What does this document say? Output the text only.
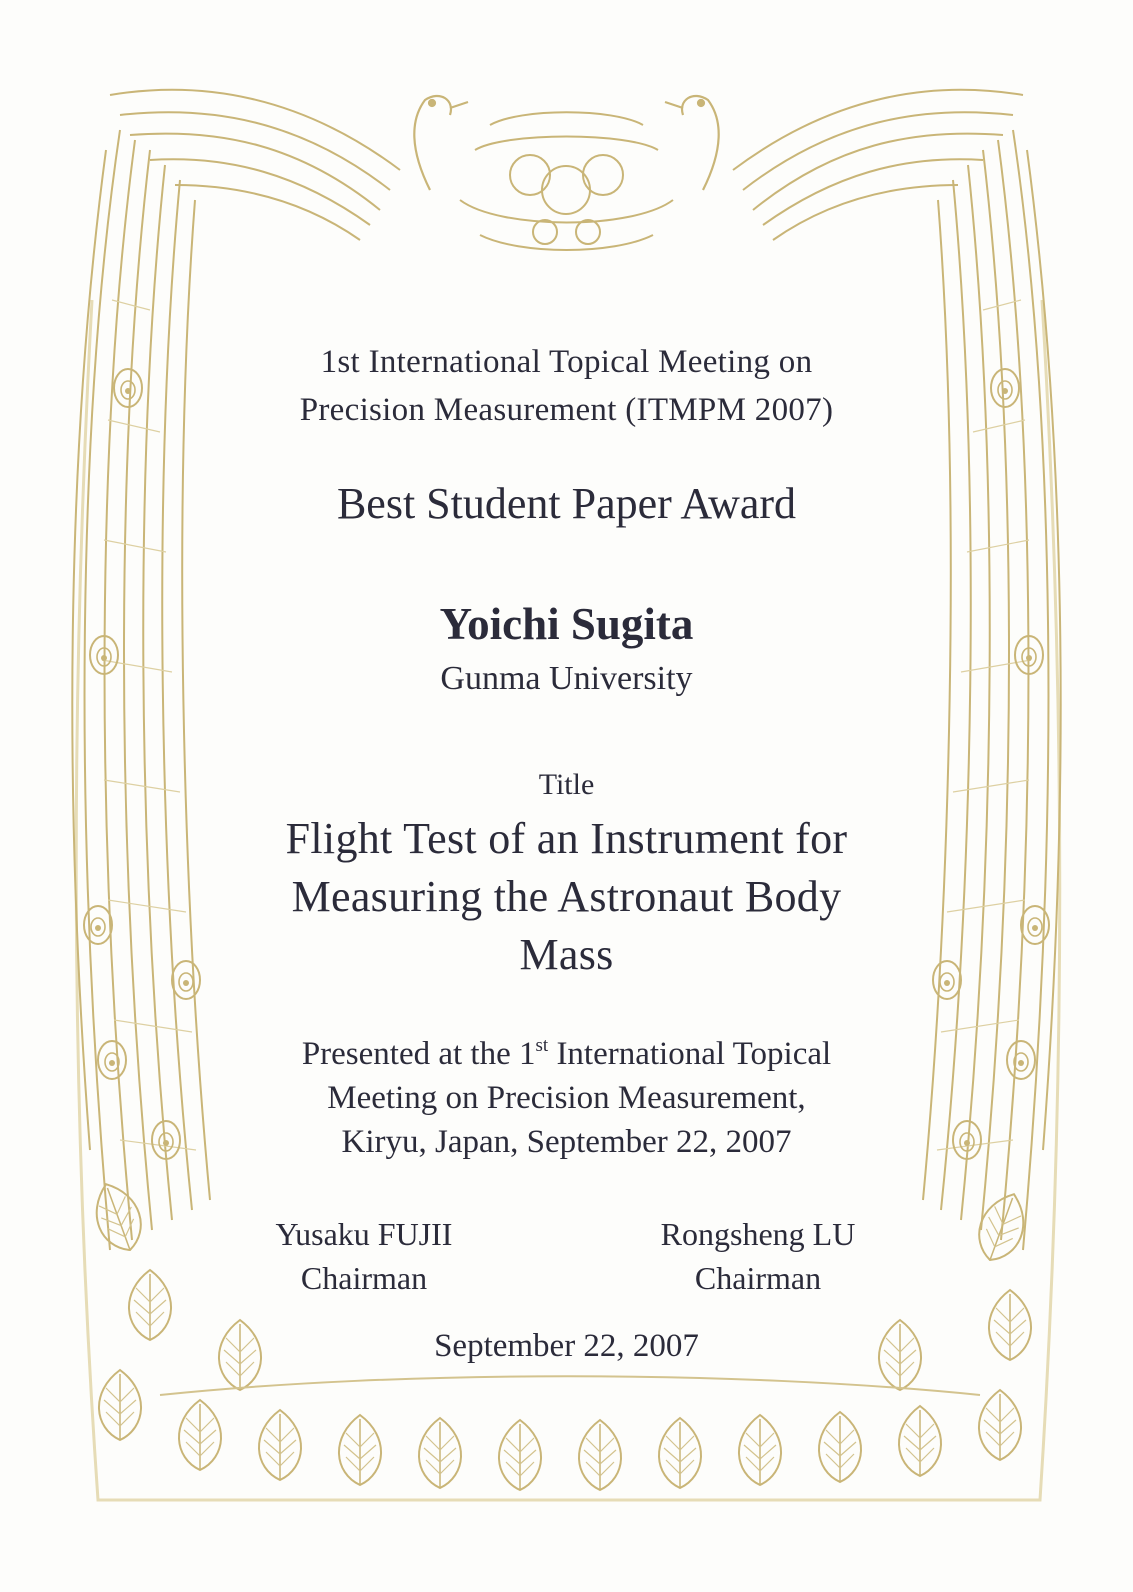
1st International Topical Meeting on
Precision Measurement (ITMPM 2007)
Best Student Paper Award
Yoichi Sugita
Gunma University
Title
Flight Test of an Instrument for
Measuring the Astronaut Body
Mass
Presented at the 1st International Topical
Meeting on Precision Measurement,
Kiryu, Japan, September 22, 2007
Yusaku FUJII
Chairman
Rongsheng LU
Chairman
September 22, 2007
